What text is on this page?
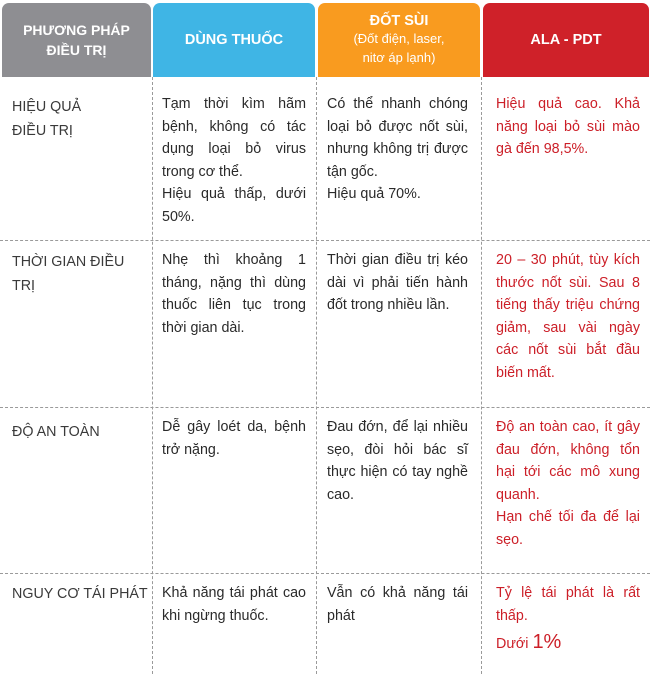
PHƯƠNG PHÁP
ĐIỀU TRỊ
DÙNG THUỐC
ĐỐT SÙI
(Đốt điện, laser,
nitơ áp lạnh)
ALA - PDT
HIỆU QUẢ
ĐIỀU TRỊ
Tạm thời kìm hãm bệnh, không có tác dụng loại bỏ virus trong cơ thể.
Hiệu quả thấp, dưới 50%.
Có thể nhanh chóng loại bỏ được nốt sùi, nhưng không trị được tận gốc.
Hiệu quả 70%.
Hiệu quả cao. Khả năng loại bỏ sùi mào gà đến 98,5%.
THỜI GIAN ĐIỀU
TRỊ
Nhẹ thì khoảng 1 tháng, nặng thì dùng thuốc liên tục trong thời gian dài.
Thời gian điều trị kéo dài vì phải tiến hành đốt trong nhiều lần.
20 – 30 phút, tùy kích thước nốt sùi. Sau 8 tiếng thấy triệu chứng giảm, sau vài ngày các nốt sùi bắt đầu biến mất.
ĐỘ AN TOÀN	Dễ gây loét da, bệnh trở nặng.
Đau đớn, để lại nhiều sẹo, đòi hỏi bác sĩ thực hiện có tay nghề cao.
Độ an toàn cao, ít gây đau đớn, không tổn hại tới các mô xung quanh.
Hạn chế tối đa để lại sẹo.
NGUY CƠ TÁI PHÁT Khả năng tái phát cao khi ngừng thuốc.
Vẫn có khả năng tái phát
Tỷ lệ tái phát là rất thấp.
Dưới 1%
